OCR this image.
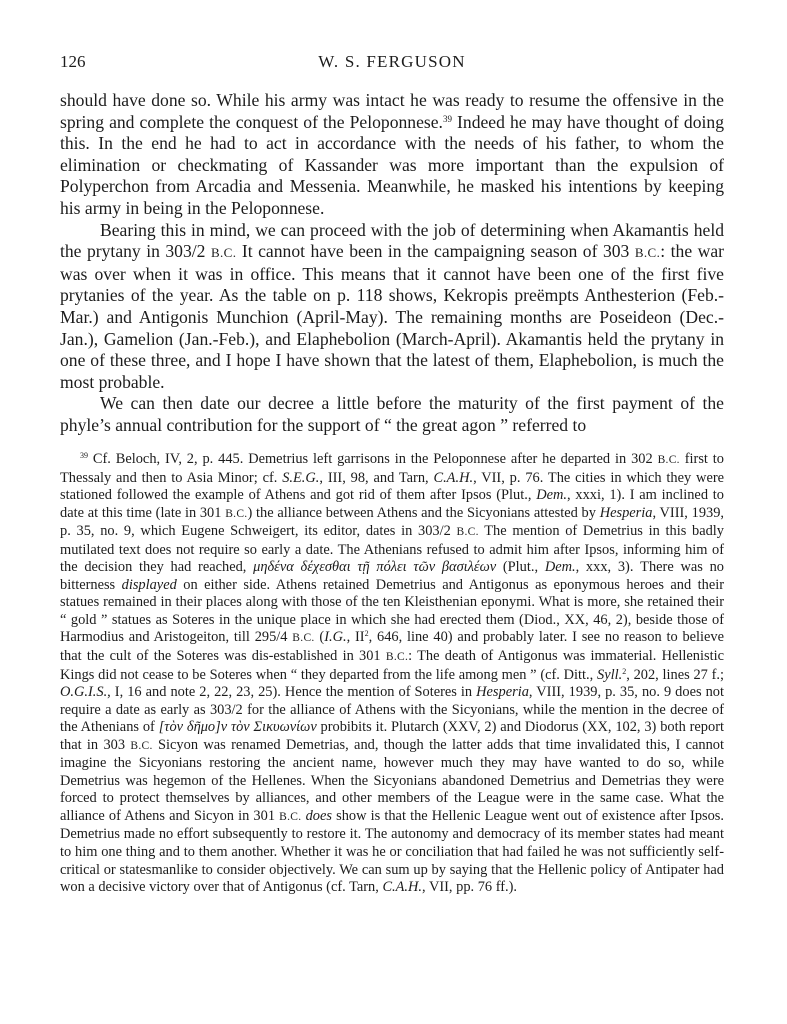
126	W. S. FERGUSON

should have done so. While his army was intact he was ready to resume the offensive in the spring and complete the conquest of the Peloponnese.$^{39}$ Indeed he may have thought of doing this. In the end he had to act in accordance with the needs of his father, to whom the elimination or checkmating of Kassander was more important than the expulsion of Polyperchon from Arcadia and Messenia. Meanwhile, he masked his intentions by keeping his army in being in the Peloponnese.

Bearing this in mind, we can proceed with the job of determining when Akamantis held the prytany in 303/2 B.C. It cannot have been in the campaigning season of 303 B.C.: the war was over when it was in office. This means that it cannot have been one of the first five prytanies of the year. As the table on p. 118 shows, Kekropis preëmpts Anthesterion (Feb.-Mar.) and Antigonis Munchion (April-May). The remaining months are Poseideon (Dec.-Jan.), Gamelion (Jan.-Feb.), and Elaphebolion (March-April). Akamantis held the prytany in one of these three, and I hope I have shown that the latest of them, Elaphebolion, is much the most probable.

We can then date our decree a little before the maturity of the first payment of the phyle’s annual contribution for the support of “ the great agon ” referred to

$^{39}$ Cf. Beloch, IV, 2, p. 445. Demetrius left garrisons in the Peloponnese after he departed in 302 B.C. first to Thessaly and then to Asia Minor; cf. S.E.G., III, 98, and Tarn, C.A.H., VII, p. 76. The cities in which they were stationed followed the example of Athens and got rid of them after Ipsos (Plut., Dem., xxxi, 1). I am inclined to date at this time (late in 301 B.C.) the alliance between Athens and the Sicyonians attested by Hesperia, VIII, 1939, p. 35, no. 9, which Eugene Schweigert, its editor, dates in 303/2 B.C. The mention of Demetrius in this badly mutilated text does not require so early a date. The Athenians refused to admit him after Ipsos, informing him of the decision they had reached, μηδένα δέχεσθαι τῇ πόλει τῶν βασιλέων (Plut., Dem., xxx, 3). There was no bitterness displayed on either side. Athens retained Demetrius and Antigonus as eponymous heroes and their statues remained in their places along with those of the ten Kleisthenian eponymi. What is more, she retained their “ gold ” statues as Soteres in the unique place in which she had erected them (Diod., XX, 46, 2), beside those of Harmodius and Aristogeiton, till 295/4 B.C. (I.G., II$^2$, 646, line 40) and probably later. I see no reason to believe that the cult of the Soteres was dis-established in 301 B.C.: The death of Antigonus was immaterial. Hellenistic Kings did not cease to be Soteres when “ they departed from the life among men ” (cf. Ditt., Syll.$^2$, 202, lines 27 f.; O.G.I.S., I, 16 and note 2, 22, 23, 25). Hence the mention of Soteres in Hesperia, VIII, 1939, p. 35, no. 9 does not require a date as early as 303/2 for the alliance of Athens with the Sicyonians, while the mention in the decree of the Athenians of [τὸν δῆμο]ν τὸν Σικυωνίων probibits it. Plutarch (XXV, 2) and Diodorus (XX, 102, 3) both report that in 303 B.C. Sicyon was renamed Demetrias, and, though the latter adds that time invalidated this, I cannot imagine the Sicyonians restoring the ancient name, however much they may have wanted to do so, while Demetrius was hegemon of the Hellenes. When the Sicyonians abandoned Demetrius and Demetrias they were forced to protect themselves by alliances, and other members of the League were in the same case. What the alliance of Athens and Sicyon in 301 B.C. does show is that the Hellenic League went out of existence after Ipsos. Demetrius made no effort subsequently to restore it. The autonomy and democracy of its member states had meant to him one thing and to them another. Whether it was he or conciliation that had failed he was not sufficiently self-critical or statesmanlike to consider objectively. We can sum up by saying that the Hellenic policy of Antipater had won a decisive victory over that of Antigonus (cf. Tarn, C.A.H., VII, pp. 76 ff.).
